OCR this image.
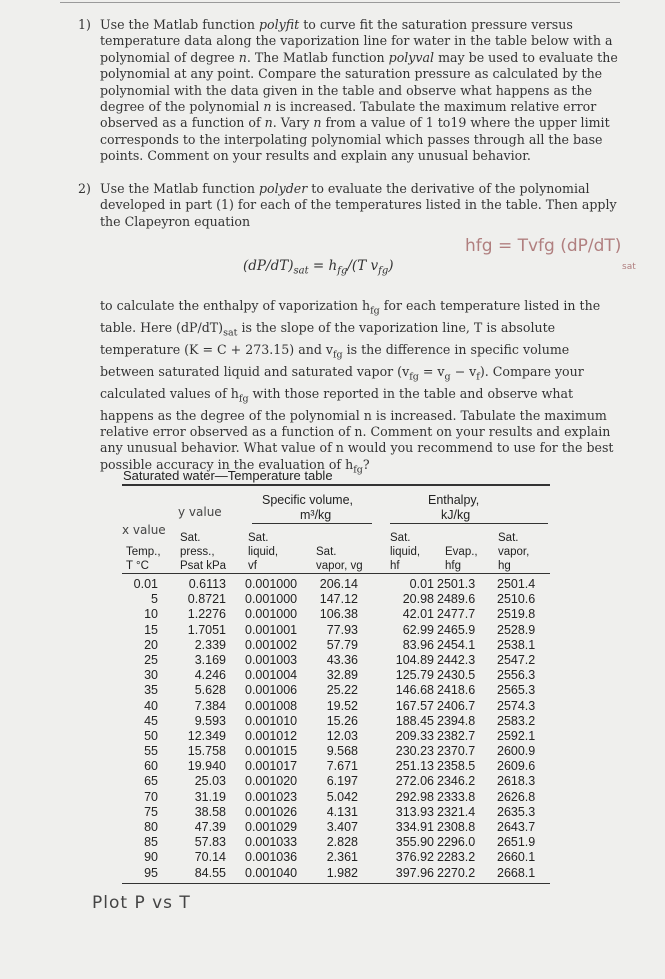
1) Use the Matlab function polyfit to curve fit the saturation pressure versus
temperature data along the vaporization line for water in the table below with a
polynomial of degree n. The Matlab function polyval may be used to evaluate the
polynomial at any point. Compare the saturation pressure as calculated by the
polynomial with the data given in the table and observe what happens as the
degree of the polynomial n is increased. Tabulate the maximum relative error
observed as a function of n. Vary n from a value of 1 to19 where the upper limit
corresponds to the interpolating polynomial which passes through all the base
points. Comment on your results and explain any unusual behavior.
2) Use the Matlab function polyder to evaluate the derivative of the polynomial
developed in part (1) for each of the temperatures listed in the table. Then apply
the Clapeyron equation
$(dP/dT)_{sat} = h_{fg}/(T$ $v_{fg}$)
hfg = Tvfg (dP/dT)
sat
to calculate the enthalpy of vaporization $h_{fg}$ for each temperature listed in the
table. Here $(dP/dT)_{sat}$ is the slope of the vaporization line, T is absolute
temperature (K = C + 273.15) and $v_{fg}$ is the difference in specific volume
between saturated liquid and saturated vapor $(v_{fg} = v_g - v_f)$. Compare your
calculated values of $h_{fg}$ with those reported in the table and observe what
happens as the degree of the polynomial n is increased. Tabulate the maximum
relative error observed as a function of n. Comment on your results and explain
any unusual behavior. What value of n would you recommend to use for the best
possible accuracy in the evaluation of $h_{fg}$?
Saturated water—Temperature table
Specific volume,
m³/kg
Enthalpy,
kJ/kg
x value
y value
Temp.,
T °C
Sat.
press.,
Psat kPa
Sat.
liquid,
vf
Sat.
vapor, vg
Sat.
liquid,
hf
Evap.,
hfg
Sat.
vapor,
hg
0.01
5
10
15
20
25
30
35
40
45
50
55
60
65
70
75
80
85
90
95
0.6113
0.8721
1.2276
1.7051
2.339
3.169
4.246
5.628
7.384
9.593
12.349
15.758
19.940
25.03
31.19
38.58
47.39
57.83
70.14
84.55
0.001000
0.001000
0.001000
0.001001
0.001002
0.001003
0.001004
0.001006
0.001008
0.001010
0.001012
0.001015
0.001017
0.001020
0.001023
0.001026
0.001029
0.001033
0.001036
0.001040
206.14
147.12
106.38
77.93
57.79
43.36
32.89
25.22
19.52
15.26
12.03
9.568
7.671
6.197
5.042
4.131
3.407
2.828
2.361
1.982
0.01
20.98
42.01
62.99
83.96
104.89
125.79
146.68
167.57
188.45
209.33
230.23
251.13
272.06
292.98
313.93
334.91
355.90
376.92
397.96
2501.3
2489.6
2477.7
2465.9
2454.1
2442.3
2430.5
2418.6
2406.7
2394.8
2382.7
2370.7
2358.5
2346.2
2333.8
2321.4
2308.8
2296.0
2283.2
2270.2
2501.4
2510.6
2519.8
2528.9
2538.1
2547.2
2556.3
2565.3
2574.3
2583.2
2592.1
2600.9
2609.6
2618.3
2626.8
2635.3
2643.7
2651.9
2660.1
2668.1
Plot P vs T
